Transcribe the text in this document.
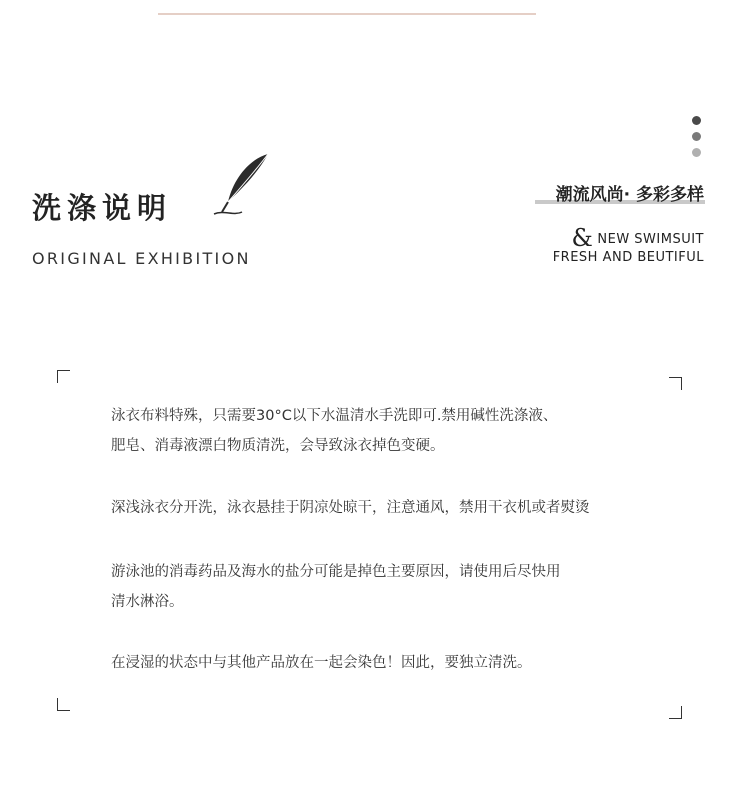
洗涤说明
ORIGINAL EXHIBITION
潮流风尚· 多彩多样
& NEW SWIMSUIT
FRESH AND BEUTIFUL
泳衣布料特殊，只需要30°C以下水温清水手洗即可.禁用碱性洗涤液、
肥皂、消毒液漂白物质清洗，会导致泳衣掉色变硬。
深浅泳衣分开洗，泳衣悬挂于阴凉处晾干，注意通风，禁用干衣机或者熨烫
游泳池的消毒药品及海水的盐分可能是掉色主要原因，请使用后尽快用
清水淋浴。
在浸湿的状态中与其他产品放在一起会染色！因此，要独立清洗。
